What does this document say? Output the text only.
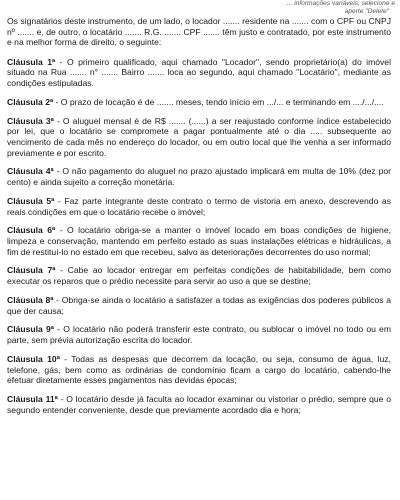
... informações variáveis, selecione e
aperte "Delete"

Os signatários deste instrumento, de um lado, o locador ....... residente na ....... com o CPF ou CNPJ nº ....... e, de outro, o locatário ....... R.G. ....... CPF ....... têm justo e contratado, por este instrumento e na melhor forma de direito, o seguinte:

Cláusula 1ª - O primeiro qualificado, aqui chamado "Locador", sendo proprietário(a) do imóvel situado na Rua ....... n° ....... Bairro ....... loca ao segundo, aqui chamado "Locatário", mediante as condições estipuladas.

Cláusula 2ª - O prazo de locação é de ....... meses, tendo início em .../... e terminando em ..../.../....

Cláusula 3ª - O aluguel mensal é de R$ ....... (......) a ser reajustado conforme índice estabelecido por lei, que o locatário se compromete a pagar pontualmente até o dia ..... subsequente ao vencimento de cada mês no endereço do locador, ou em outro local que lhe venha a ser informado previamente e por escrito.

Cláusula 4ª - O não pagamento do aluguel no prazo ajustado implicará em multa de 10% (dez por cento) e ainda sujeito a correção monetária.

Cláusula 5ª - Faz parte integrante deste contrato o termo de vistoria em anexo, descrevendo as reais condições em que o locatário recebe o imóvel;

Cláusula 6ª - O locatário obriga-se a manter o imóvel locado em boas condições de higiene, limpeza e conservação, mantendo em perfeito estado as suas instalações elétricas e hidráulicas, a fim de restituí-lo no estado em que recebeu, salvo as deteriorações decorrentes do uso normal;

Cláusula 7ª - Cabe ao locador entregar em perfeitas condições de habitabilidade, bem como executar os reparos que o prédio necessite para servir ao uso a que se destine;

Cláusula 8ª - Obriga-se ainda o locatário a satisfazer a todas as exigências dos poderes públicos a que der causa;

Cláusula 9ª - O locatário não poderá transferir este contrato, ou sublocar o imóvel no todo ou em parte, sem prévia autorização escrita do locador.

Cláusula 10ª - Todas as despesas que decorrem da locação, ou seja, consumo de água, luz, telefone, gás, bem como as ordinárias de condomínio ficam a cargo do locatário, cabendo-lhe efetuar diretamente esses pagamentos nas devidas épocas;

Cláusula 11ª - O locatário desde já faculta ao locador examinar ou vistoriar o prédio, sempre que o segundo entender conveniente, desde que previamente acordado dia e hora;
